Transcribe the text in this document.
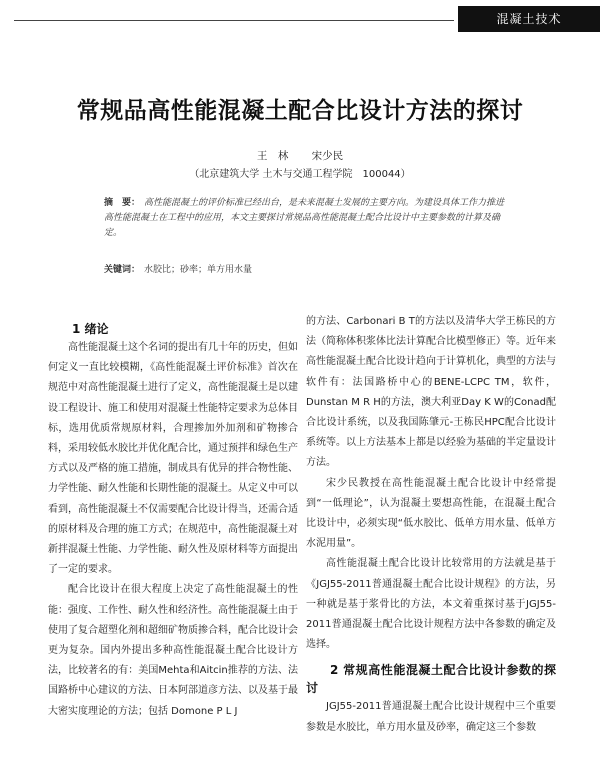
混凝土技术
常规品高性能混凝土配合比设计方法的探讨
王　林 宋少民
（北京建筑大学 土木与交通工程学院　100044）
摘　要： 高性能混凝土的评价标准已经出台，是未来混凝土发展的主要方向。为建设具体工作力推进高性能混凝土在工程中的应用，本文主要探讨常规品高性能混凝土配合比设计中主要参数的计算及确定。
关键词： 水胶比；砂率；单方用水量

1 绪论

高性能混凝土这个名词的提出有几十年的历史，但如何定义一直比较模糊，《高性能混凝土评价标准》首次在规范中对高性能混凝土进行了定义，高性能混凝土是以建设工程设计、施工和使用对混凝土性能特定要求为总体目标，选用优质常规原材料，合理掺加外加剂和矿物掺合料，采用较低水胶比并优化配合比，通过预拌和绿色生产方式以及严格的施工措施，制成具有优异的拌合物性能、力学性能、耐久性能和长期性能的混凝土。从定义中可以看到，高性能混凝土不仅需要配合比设计得当，还需合适的原材料及合理的施工方式；在规范中，高性能混凝土对新拌混凝土性能、力学性能、耐久性及原材料等方面提出了一定的要求。

配合比设计在很大程度上决定了高性能混凝土的性能：强度、工作性、耐久性和经济性。高性能混凝土由于使用了复合超塑化剂和超细矿物质掺合料，配合比设计会更为复杂。国内外提出多种高性能混凝土配合比设计方法，比较著名的有：美国Mehta和Aitcin推荐的方法、法国路桥中心建议的方法、日本阿部道彦方法、以及基于最大密实度理论的方法；包括 Domone P L J

的方法、Carbonari B T的方法以及清华大学王栋民的方法（简称体积浆体比法计算配合比模型修正）等。近年来高性能混凝土配合比设计趋向于计算机化，典型的方法与软件有：法国路桥中心的BENE-LCPC TM，软件，Dunstan M R H的方法，澳大利亚Day K W的Conad配合比设计系统，以及我国陈肇元-王栋民HPC配合比设计系统等。以上方法基本上都是以经验为基础的半定量设计方法。

宋少民教授在高性能混凝土配合比设计中经常提到“一低理论”，认为混凝土要想高性能，在混凝土配合比设计中，必须实现“低水胶比、低单方用水量、低单方水泥用量”。

高性能混凝土配合比设计比较常用的方法就是基于《JGJ55-2011普通混凝土配合比设计规程》的方法，另一种就是基于浆骨比的方法，本文着重探讨基于JGJ55-2011普通混凝土配合比设计规程方法中各参数的确定及选择。

2 常规高性能混凝土配合比设计参数的探讨

JGJ55-2011普通混凝土配合比设计规程中三个重要参数是水胶比，单方用水量及砂率，确定这三个参数
